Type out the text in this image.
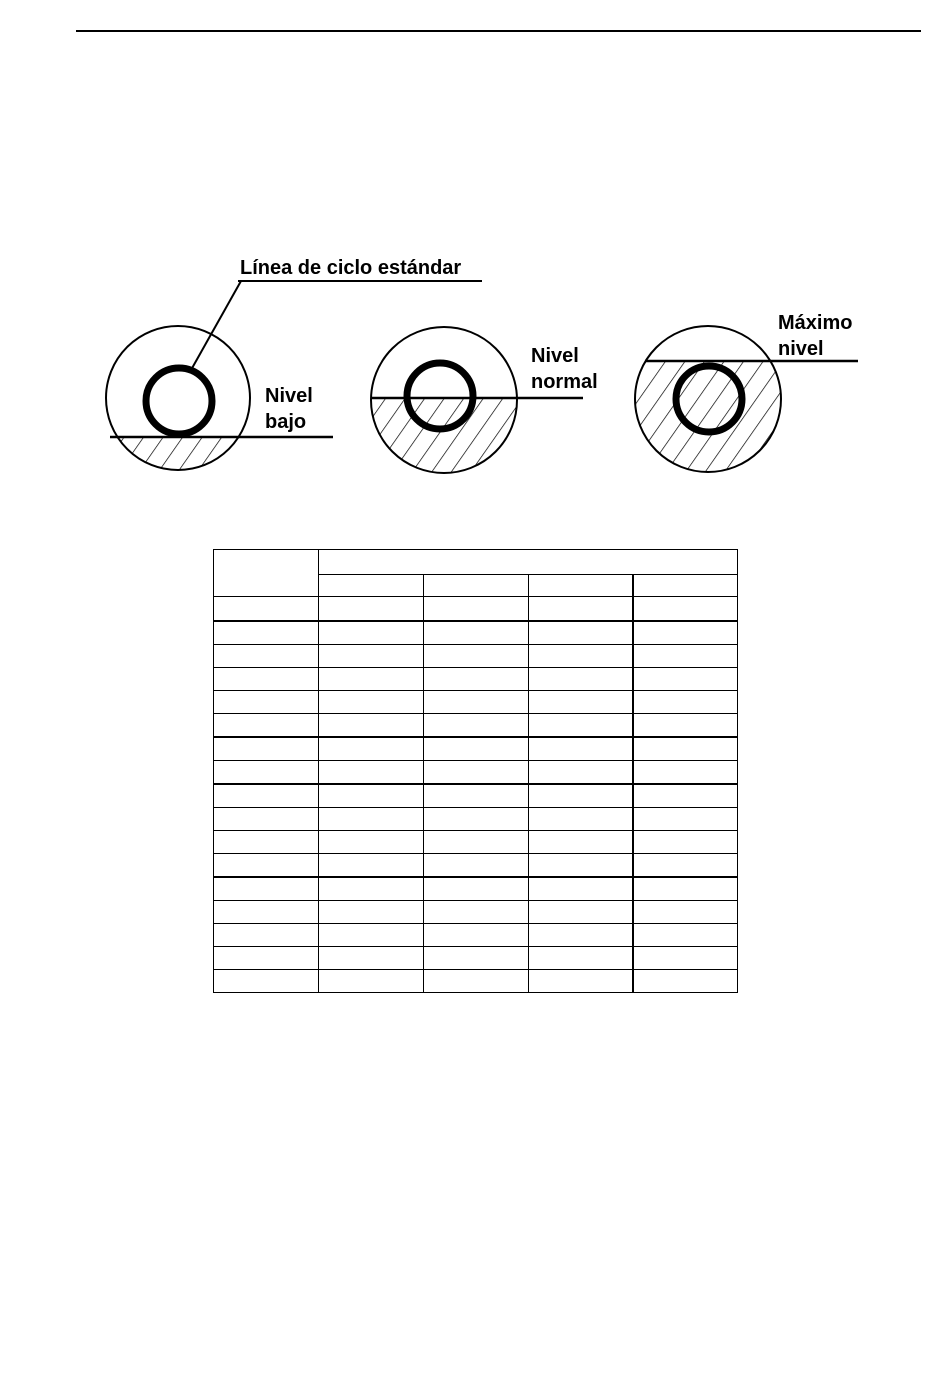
Línea de ciclo estándar
Nivel
bajo
Nivel
normal
Máximo
nivel
